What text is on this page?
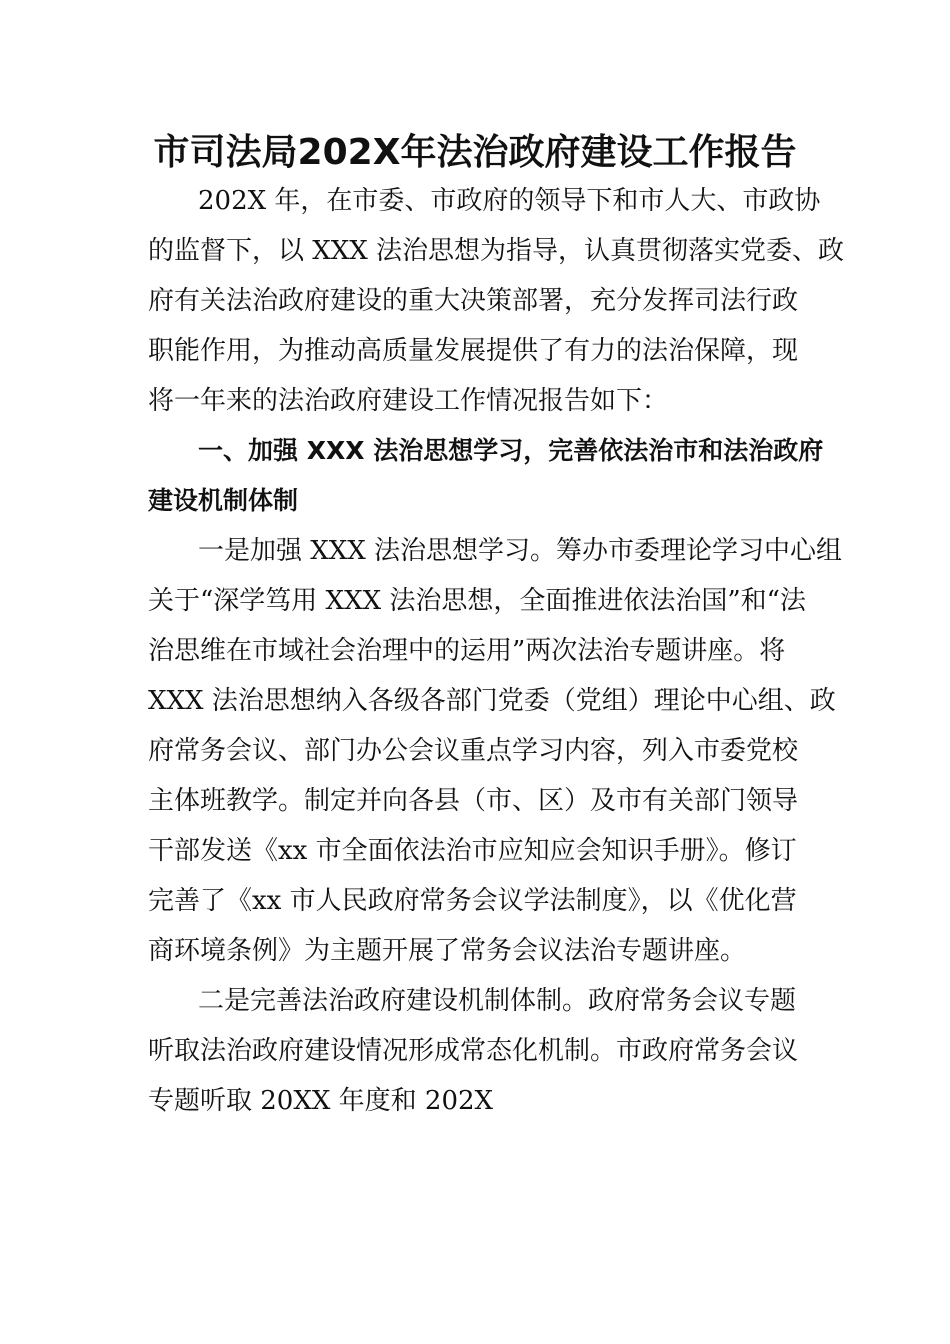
市司法局202X年法治政府建设工作报告

202X 年，在市委、市政府的领导下和市人大、市政协

的监督下，以 XXX 法治思想为指导，认真贯彻落实党委、政

府有关法治政府建设的重大决策部署，充分发挥司法行政

职能作用，为推动高质量发展提供了有力的法治保障，现

将一年来的法治政府建设工作情况报告如下：

一、加强 XXX 法治思想学习，完善依法治市和法治政府

建设机制体制

一是加强 XXX 法治思想学习。筹办市委理论学习中心组

关于“深学笃用 XXX 法治思想，全面推进依法治国”和“法

治思维在市域社会治理中的运用”两次法治专题讲座。将

XXX 法治思想纳入各级各部门党委（党组）理论中心组、政

府常务会议、部门办公会议重点学习内容，列入市委党校

主体班教学。制定并向各县（市、区）及市有关部门领导

干部发送《xx 市全面依法治市应知应会知识手册》。修订

完善了《xx 市人民政府常务会议学法制度》，以《优化营

商环境条例》为主题开展了常务会议法治专题讲座。

二是完善法治政府建设机制体制。政府常务会议专题

听取法治政府建设情况形成常态化机制。市政府常务会议

专题听取 20XX 年度和 202X
